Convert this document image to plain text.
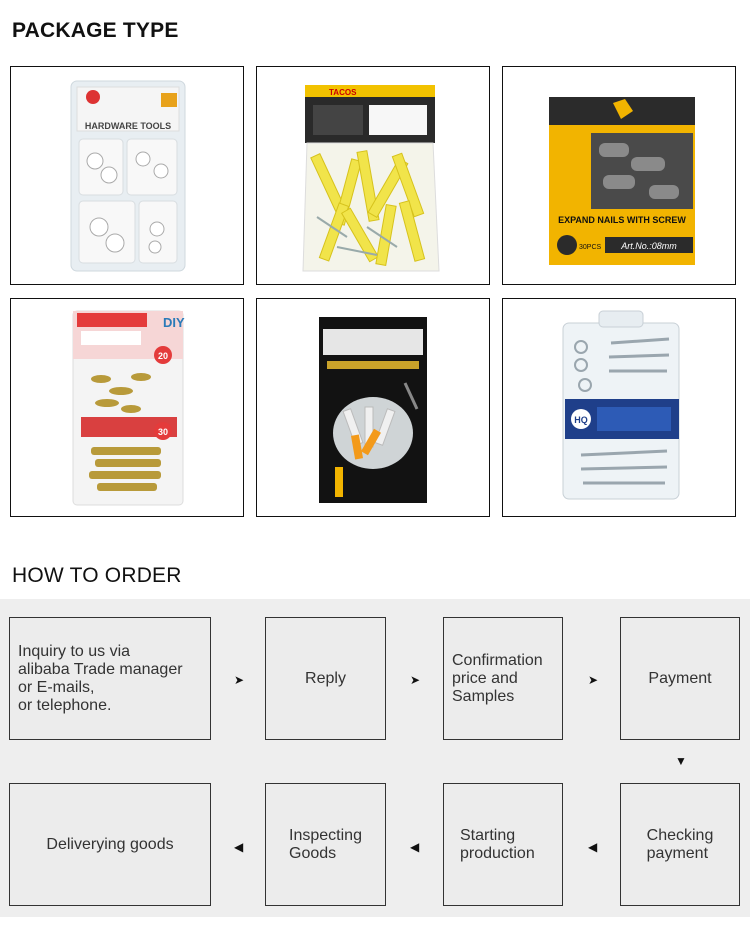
PACKAGE TYPE
HARDWARE TOOLS
TACOS
EXPAND NAILS WITH SCREW
30PCS Art.No.:08mm
DIY
20
30
HQ
HOW TO ORDER
Inquiry to us via
alibaba Trade manager
or E-mails,
or telephone.
➤	Reply	➤
Confirmation
price and
Samples
➤	Payment
▼
Deliverying goods	◀
Inspecting
Goods	◀
Starting
production	◀
Checking
payment
